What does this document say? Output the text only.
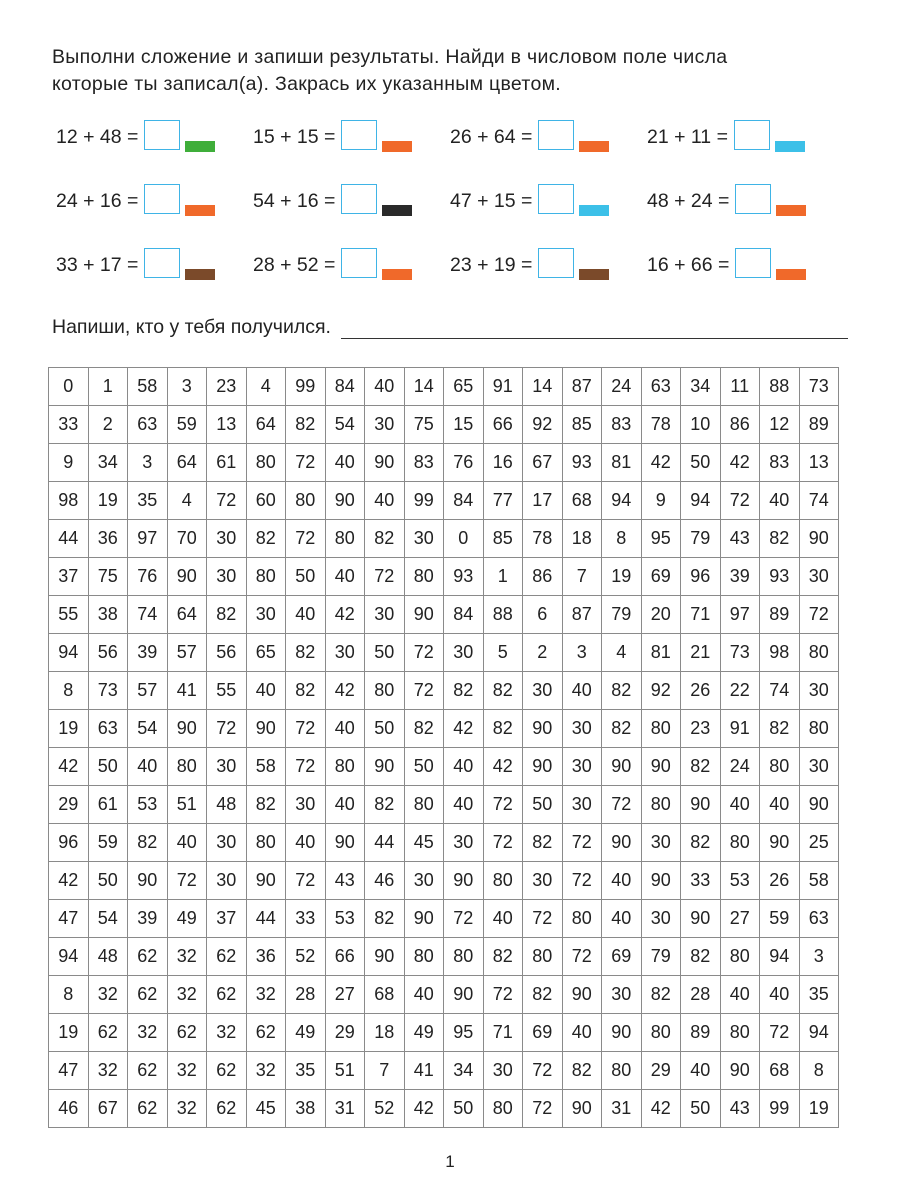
Выполни сложение и запиши результаты. Найди в числовом поле числа
которые ты записал(а). Закрась их указанным цветом.
12 + 48 =	15 + 15 =	26 + 64 =	21 + 11 =
24 + 16 =	54 + 16 =	47 + 15 =	48 + 24 =
33 + 17 =	28 + 52 =	23 + 19 =	16 + 66 =
Напиши, кто у тебя получился.
0	1	58	3	23	4	99	84	40	14	65	91	14	87	24	63	34	11	88	73
33	2	63	59	13	64	82	54	30	75	15	66	92	85	83	78	10	86	12	89
9	34	3	64	61	80	72	40	90	83	76	16	67	93	81	42	50	42	83	13
98	19	35	4	72	60	80	90	40	99	84	77	17	68	94	9	94	72	40	74
44	36	97	70	30	82	72	80	82	30	0	85	78	18	8	95	79	43	82	90
37	75	76	90	30	80	50	40	72	80	93	1	86	7	19	69	96	39	93	30
55	38	74	64	82	30	40	42	30	90	84	88	6	87	79	20	71	97	89	72
94	56	39	57	56	65	82	30	50	72	30	5	2	3	4	81	21	73	98	80
8	73	57	41	55	40	82	42	80	72	82	82	30	40	82	92	26	22	74	30
19	63	54	90	72	90	72	40	50	82	42	82	90	30	82	80	23	91	82	80
42	50	40	80	30	58	72	80	90	50	40	42	90	30	90	90	82	24	80	30
29	61	53	51	48	82	30	40	82	80	40	72	50	30	72	80	90	40	40	90
96	59	82	40	30	80	40	90	44	45	30	72	82	72	90	30	82	80	90	25
42	50	90	72	30	90	72	43	46	30	90	80	30	72	40	90	33	53	26	58
47	54	39	49	37	44	33	53	82	90	72	40	72	80	40	30	90	27	59	63
94	48	62	32	62	36	52	66	90	80	80	82	80	72	69	79	82	80	94	3
8	32	62	32	62	32	28	27	68	40	90	72	82	90	30	82	28	40	40	35
19	62	32	62	32	62	49	29	18	49	95	71	69	40	90	80	89	80	72	94
47	32	62	32	62	32	35	51	7	41	34	30	72	82	80	29	40	90	68	8
46	67	62	32	62	45	38	31	52	42	50	80	72	90	31	42	50	43	99	19
1
